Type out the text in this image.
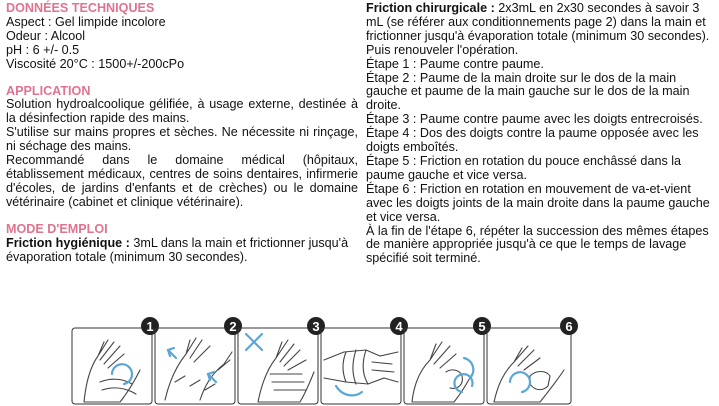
DONNÉES TECHNIQUES

Aspect : Gel limpide incolore

Odeur : Alcool

pH : 6 +/- 0.5

Viscosité 20°C : 1500+/-200cPo

APPLICATION

Solution hydroalcoolique gélifiée, à usage externe, destinée à la désinfection rapide des mains.

S'utilise sur mains propres et sèches. Ne nécessite ni rinçage, ni séchage des mains.

Recommandé dans le domaine médical (hôpitaux, établissement médicaux, centres de soins dentaires, infirmerie d'écoles, de jardins d'enfants et de crèches) ou le domaine vétérinaire (cabinet et clinique vétérinaire).

MODE D'EMPLOI

Friction hygiénique : 3mL dans la main et frictionner jusqu'à évaporation totale (minimum 30 secondes).

Friction chirurgicale : 2x3mL en 2x30 secondes à savoir 3 mL (se référer aux conditionnements page 2) dans la main et frictionner jusqu'à évaporation totale (minimum 30 secondes). Puis renouveler l'opération.

Étape 1 : Paume contre paume.

Étape 2 : Paume de la main droite sur le dos de la main gauche et paume de la main gauche sur le dos de la main droite.

Étape 3 : Paume contre paume avec les doigts entrecroisés.

Étape 4 : Dos des doigts contre la paume opposée avec les doigts emboîtés.

Étape 5 : Friction en rotation du pouce enchâssé dans la paume gauche et vice versa.

Étape 6 : Friction en rotation en mouvement de va-et-vient avec les doigts joints de la main droite dans la paume gauche et vice versa.

À la fin de l'étape 6, répéter la succession des mêmes étapes de manière appropriée jusqu'à ce que le temps de lavage spécifié soit terminé.

1	2	3	4	5	6
